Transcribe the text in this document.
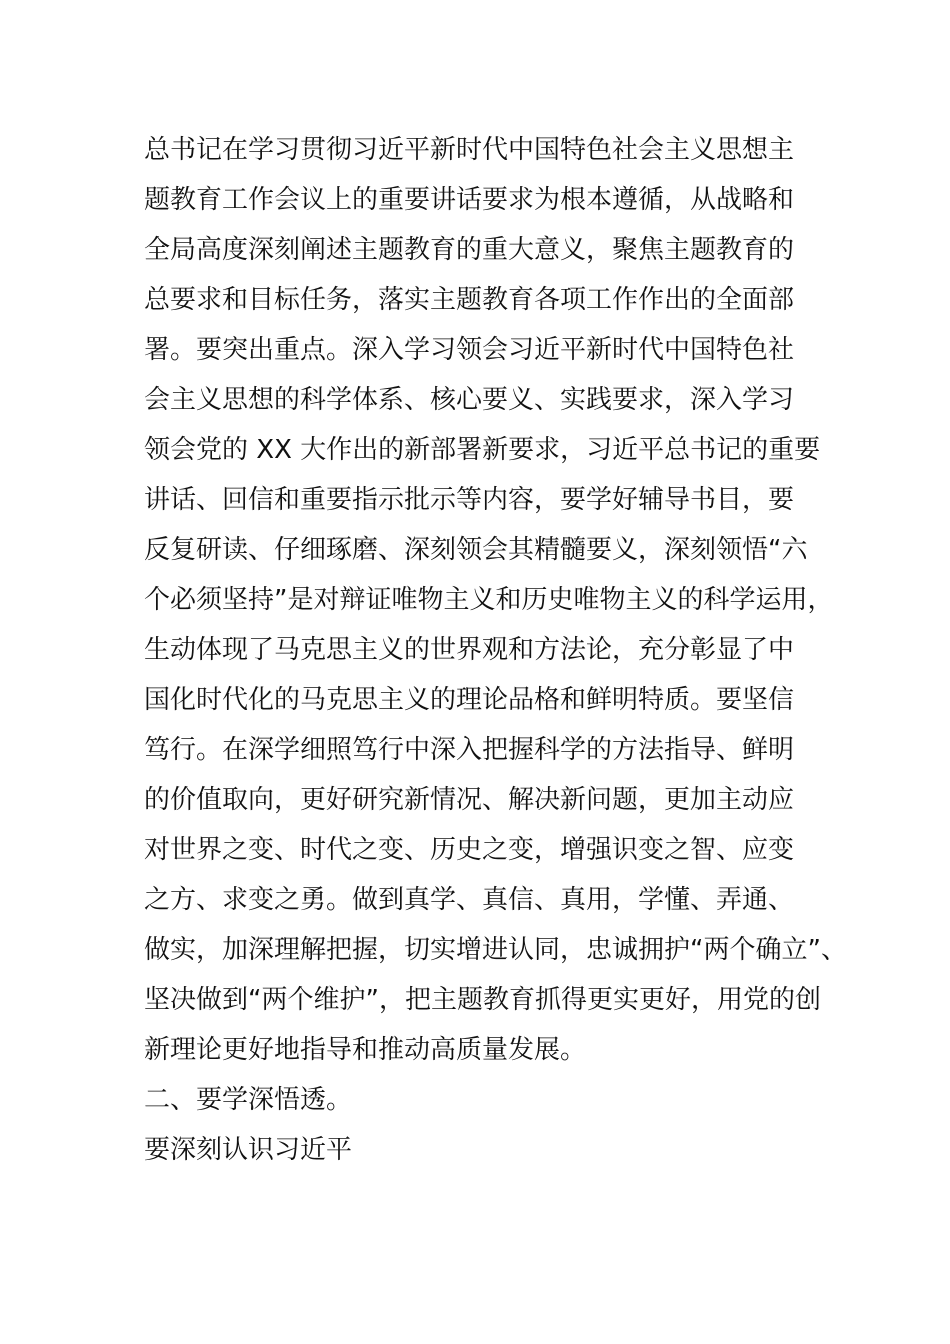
总书记在学习贯彻习近平新时代中国特色社会主义思想主
题教育工作会议上的重要讲话要求为根本遵循，从战略和
全局高度深刻阐述主题教育的重大意义，聚焦主题教育的
总要求和目标任务，落实主题教育各项工作作出的全面部
署。要突出重点。深入学习领会习近平新时代中国特色社
会主义思想的科学体系、核心要义、实践要求，深入学习
领会党的 XX 大作出的新部署新要求，习近平总书记的重要
讲话、回信和重要指示批示等内容，要学好辅导书目，要
反复研读、仔细琢磨、深刻领会其精髓要义，深刻领悟“六
个必须坚持”是对辩证唯物主义和历史唯物主义的科学运用，
生动体现了马克思主义的世界观和方法论，充分彰显了中
国化时代化的马克思主义的理论品格和鲜明特质。要坚信
笃行。在深学细照笃行中深入把握科学的方法指导、鲜明
的价值取向，更好研究新情况、解决新问题，更加主动应
对世界之变、时代之变、历史之变，增强识变之智、应变
之方、求变之勇。做到真学、真信、真用，学懂、弄通、
做实，加深理解把握，切实增进认同，忠诚拥护“两个确立”、
坚决做到“两个维护”，把主题教育抓得更实更好，用党的创
新理论更好地指导和推动高质量发展。
二、要学深悟透。
要深刻认识习近平
